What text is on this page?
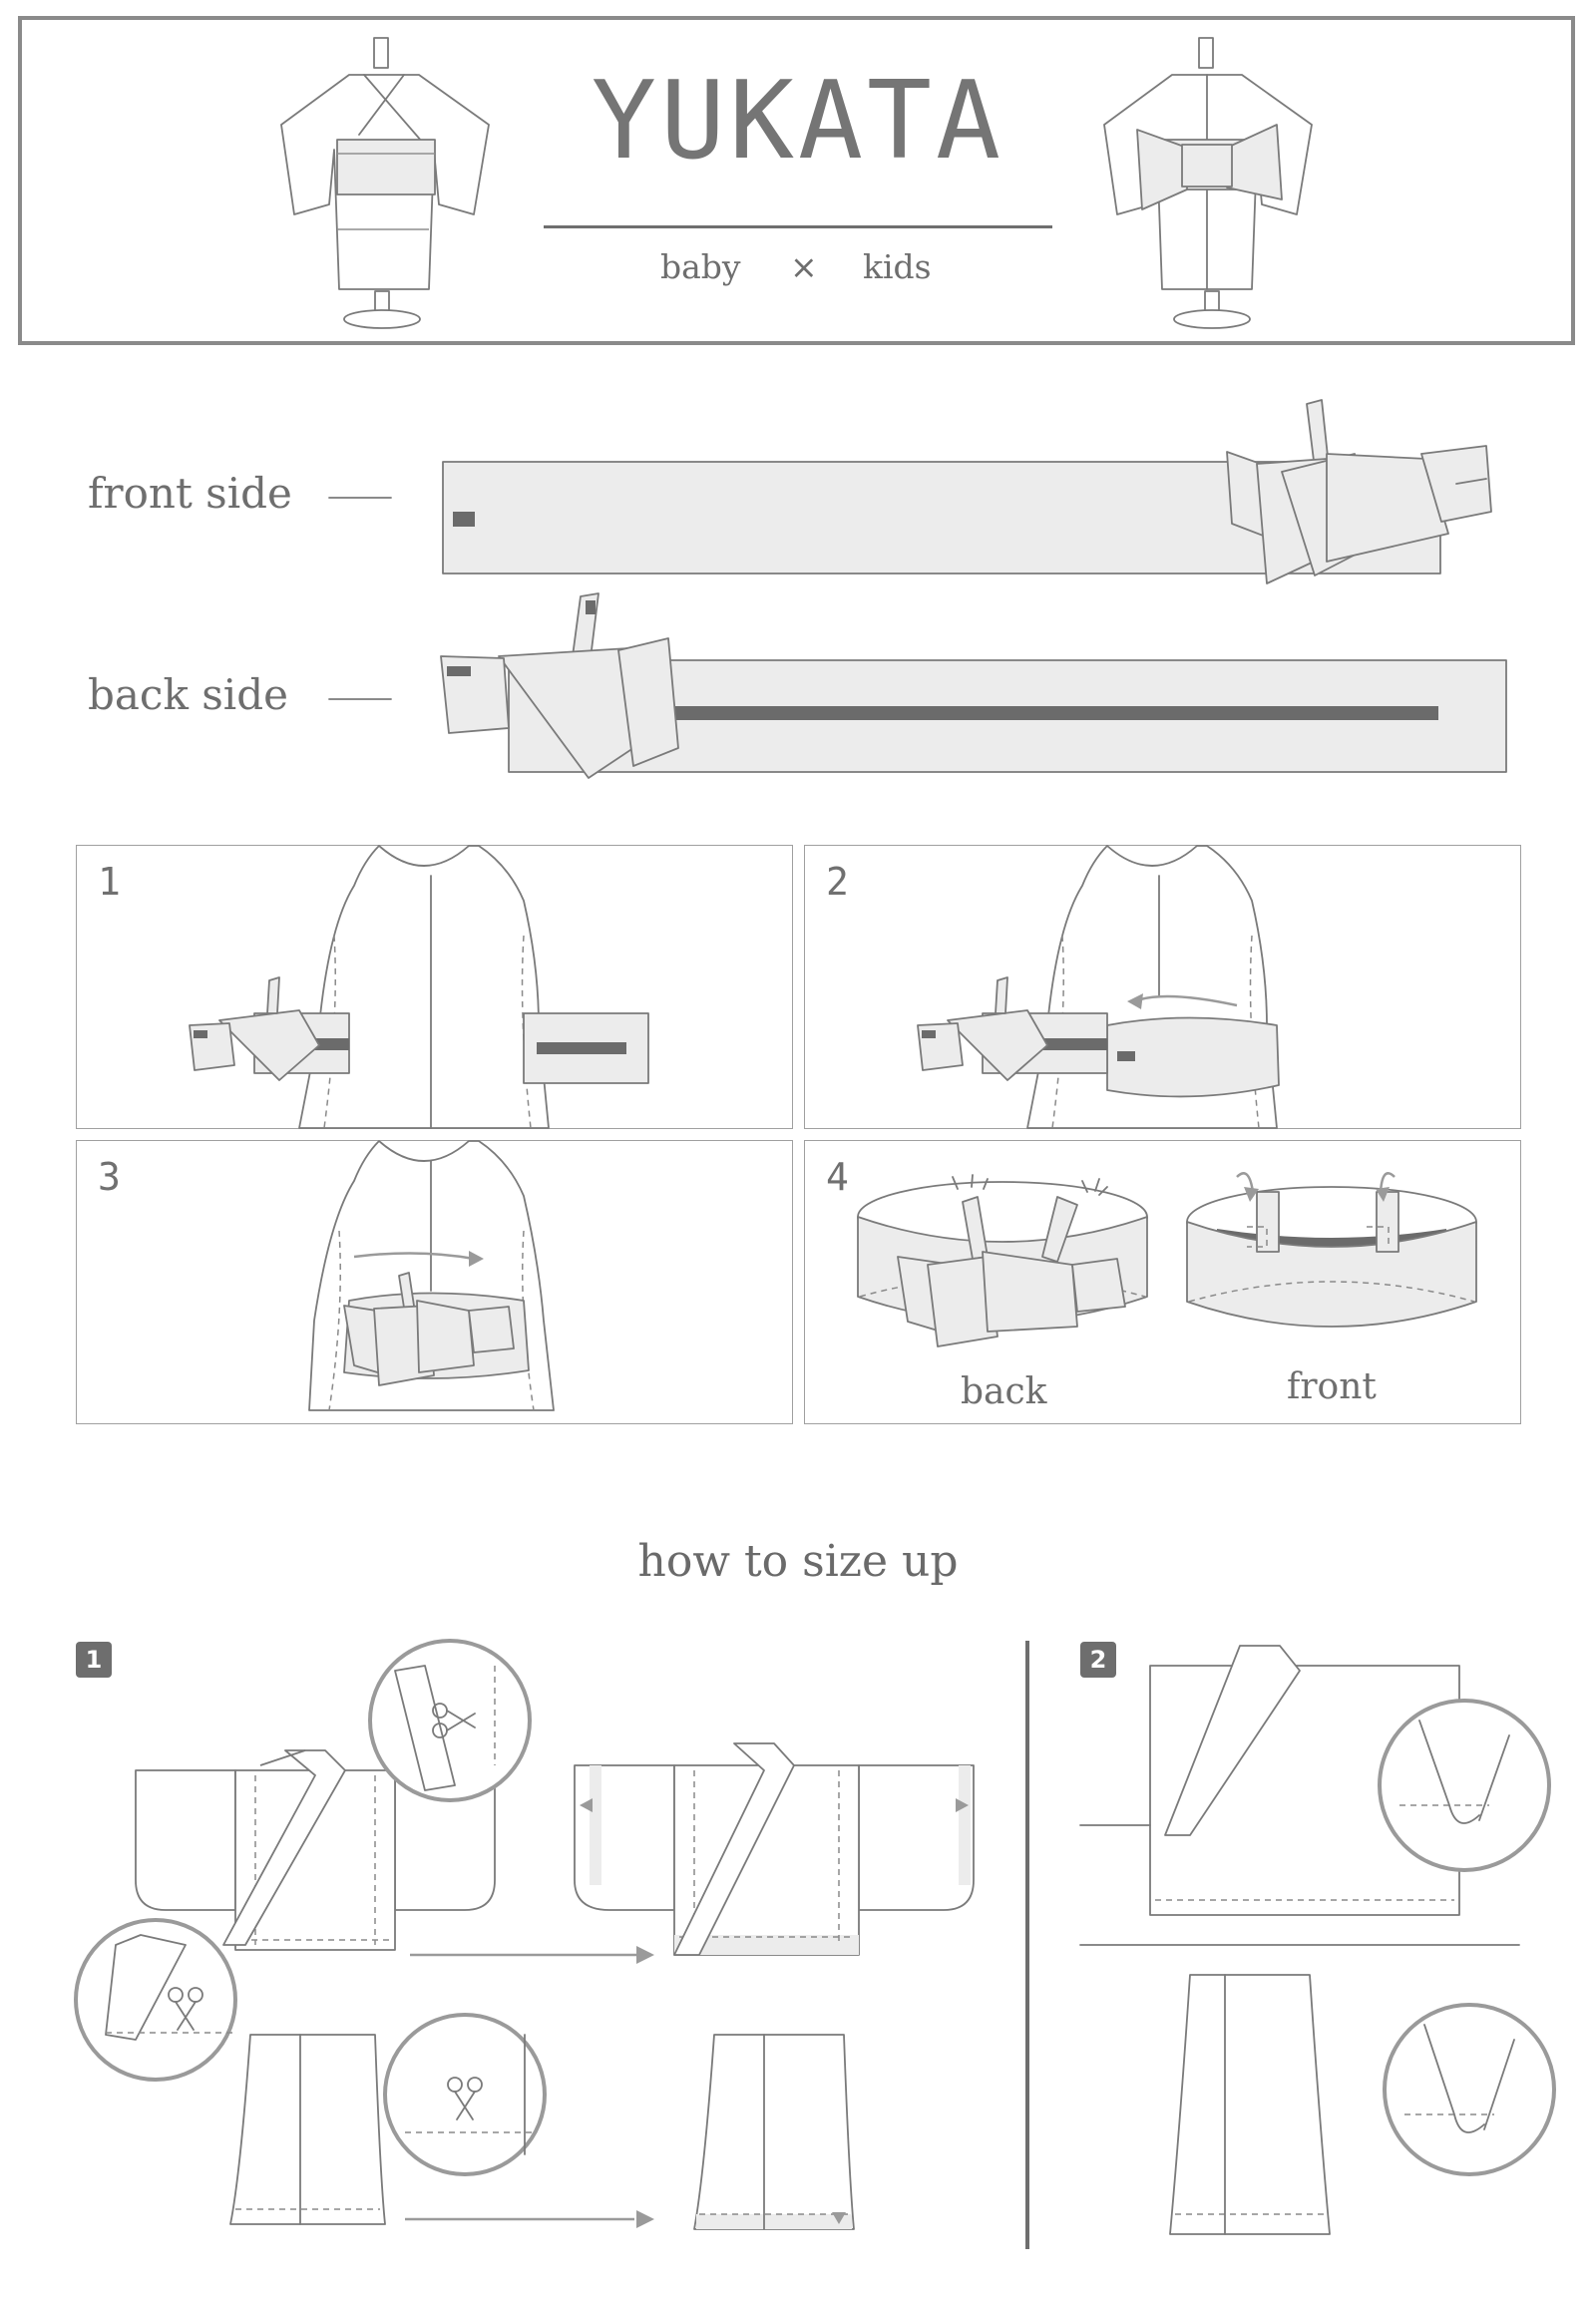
YUKATA
baby × kids
front side
back side
1	2
3	4
back	front
how to size up
1	2
